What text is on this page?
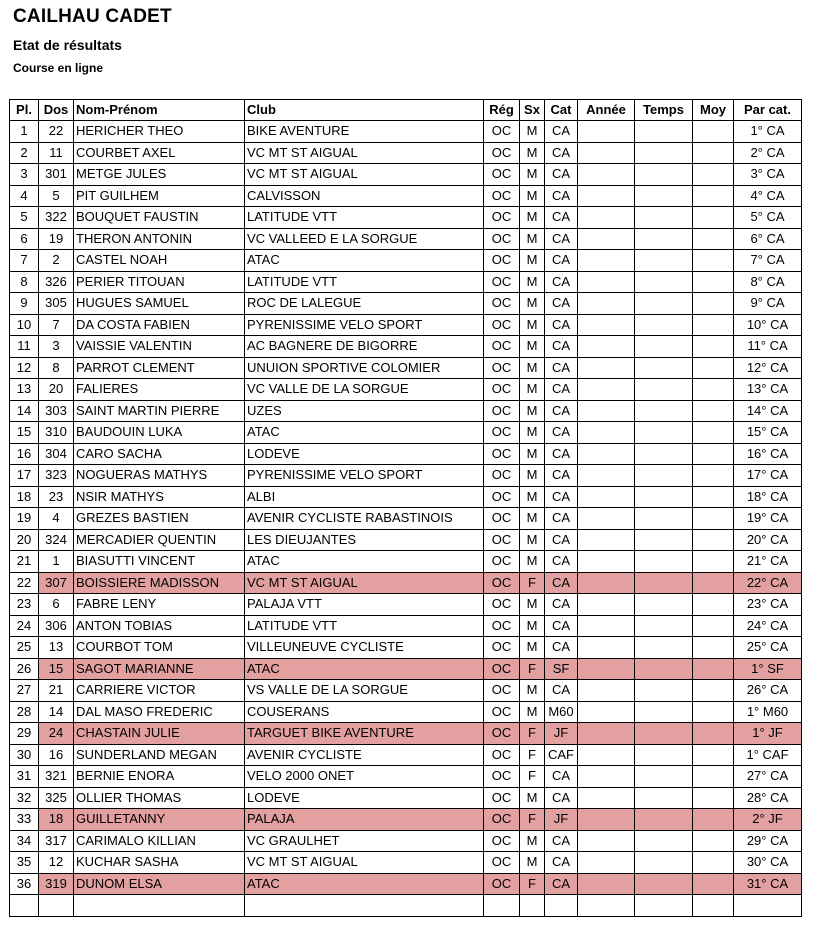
CAILHAU CADET
Etat de résultats
Course en ligne
Pl.	Dos	Nom-Prénom	Club	Rég	Sx	Cat	Année	Temps	Moy	Par cat.
1	22	HERICHER THEO	BIKE AVENTURE	OC	M	CA				1° CA
2	11	COURBET AXEL	VC MT ST AIGUAL	OC	M	CA				2° CA
3	301	METGE JULES	VC MT ST AIGUAL	OC	M	CA				3° CA
4	5	PIT GUILHEM	CALVISSON	OC	M	CA				4° CA
5	322	BOUQUET FAUSTIN	LATITUDE VTT	OC	M	CA				5° CA
6	19	THERON ANTONIN	VC VALLEED E LA SORGUE	OC	M	CA				6° CA
7	2	CASTEL NOAH	ATAC	OC	M	CA				7° CA
8	326	PERIER TITOUAN	LATITUDE VTT	OC	M	CA				8° CA
9	305	HUGUES SAMUEL	ROC DE LALEGUE	OC	M	CA				9° CA
10	7	DA COSTA FABIEN	PYRENISSIME VELO SPORT	OC	M	CA				10° CA
11	3	VAISSIE VALENTIN	AC BAGNERE DE BIGORRE	OC	M	CA				11° CA
12	8	PARROT CLEMENT	UNUION SPORTIVE COLOMIER	OC	M	CA				12° CA
13	20	FALIERES	VC VALLE DE LA SORGUE	OC	M	CA				13° CA
14	303	SAINT MARTIN PIERRE	UZES	OC	M	CA				14° CA
15	310	BAUDOUIN LUKA	ATAC	OC	M	CA				15° CA
16	304	CARO SACHA	LODEVE	OC	M	CA				16° CA
17	323	NOGUERAS MATHYS	PYRENISSIME VELO SPORT	OC	M	CA				17° CA
18	23	NSIR MATHYS	ALBI	OC	M	CA				18° CA
19	4	GREZES BASTIEN	AVENIR CYCLISTE RABASTINOIS	OC	M	CA				19° CA
20	324	MERCADIER QUENTIN	LES DIEUJANTES	OC	M	CA				20° CA
21	1	BIASUTTI VINCENT	ATAC	OC	M	CA				21° CA
22	307	BOISSIERE MADISSON	VC MT ST AIGUAL	OC	F	CA				22° CA
23	6	FABRE LENY	PALAJA VTT	OC	M	CA				23° CA
24	306	ANTON TOBIAS	LATITUDE VTT	OC	M	CA				24° CA
25	13	COURBOT TOM	VILLEUNEUVE CYCLISTE	OC	M	CA				25° CA
26	15	SAGOT MARIANNE	ATAC	OC	F	SF				1° SF
27	21	CARRIERE VICTOR	VS VALLE DE LA SORGUE	OC	M	CA				26° CA
28	14	DAL MASO FREDERIC	COUSERANS	OC	M	M60				1° M60
29	24	CHASTAIN JULIE	TARGUET BIKE AVENTURE	OC	F	JF				1° JF
30	16	SUNDERLAND MEGAN	AVENIR CYCLISTE	OC	F	CAF				1° CAF
31	321	BERNIE ENORA	VELO 2000 ONET	OC	F	CA				27° CA
32	325	OLLIER THOMAS	LODEVE	OC	M	CA				28° CA
33	18	GUILLETANNY	PALAJA	OC	F	JF				2° JF
34	317	CARIMALO KILLIAN	VC GRAULHET	OC	M	CA				29° CA
35	12	KUCHAR SASHA	VC MT ST AIGUAL	OC	M	CA				30° CA
36	319	DUNOM ELSA	ATAC	OC	F	CA				31° CA
